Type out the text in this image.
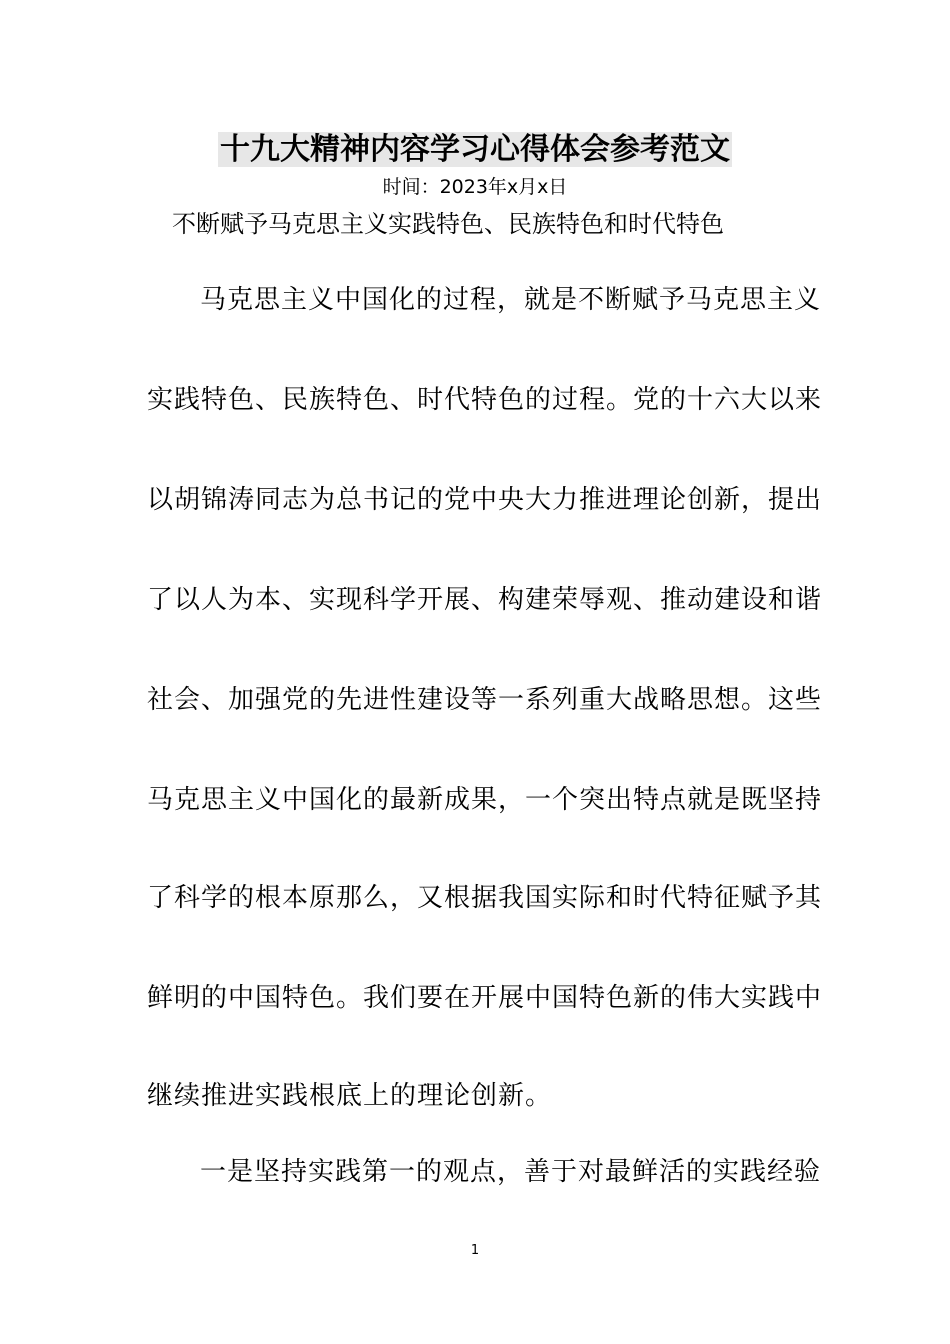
十九大精神内容学习心得体会参考范文
时间：2023年x月x日
不断赋予马克思主义实践特色、民族特色和时代特色
马克思主义中国化的过程，就是不断赋予马克思主义
实践特色、民族特色、时代特色的过程。党的十六大以来
以胡锦涛同志为总书记的党中央大力推进理论创新，提出
了以人为本、实现科学开展、构建荣辱观、推动建设和谐
社会、加强党的先进性建设等一系列重大战略思想。这些
马克思主义中国化的最新成果，一个突出特点就是既坚持
了科学的根本原那么，又根据我国实际和时代特征赋予其
鲜明的中国特色。我们要在开展中国特色新的伟大实践中
继续推进实践根底上的理论创新。
一是坚持实践第一的观点，善于对最鲜活的实践经验
1
